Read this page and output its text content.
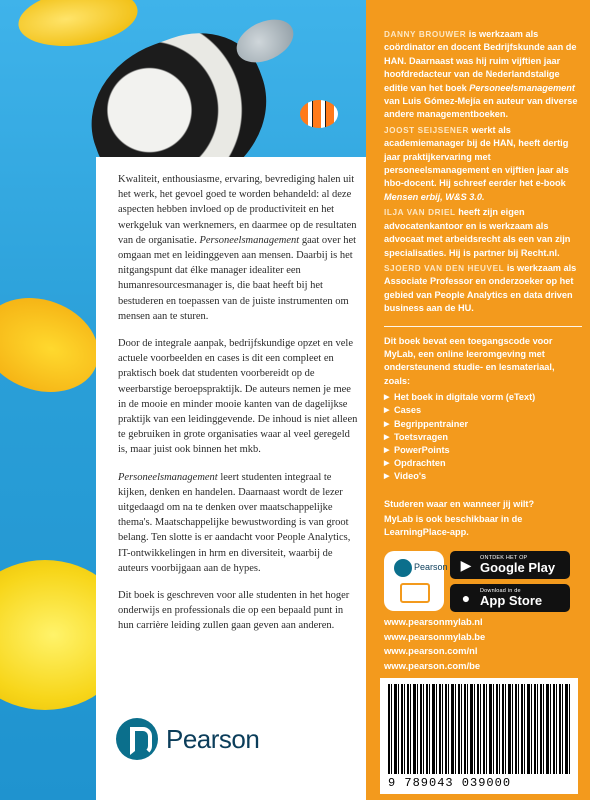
Kwaliteit, enthousiasme, ervaring, bevrediging halen uit het werk, het gevoel goed te worden behandeld: al deze aspecten hebben invloed op de productiviteit en het werkgeluk van werknemers, en daarmee op de resultaten van de organisatie. Personeelsmanagement gaat over het omgaan met en leidinggeven aan mensen. Daarbij is het nitgangspunt dat élke manager idealiter een humanresourcesmanager is, die baat heeft bij het bestuderen en toepassen van de juiste instrumenten om mensen aan te sturen.

Door de integrale aanpak, bedrijfskundige opzet en vele actuele voorbeelden en cases is dit een compleet en praktisch boek dat studenten voorbereidt op de weerbarstige beroepspraktijk. De auteurs nemen je mee in de mooie en minder mooie kanten van de dagelijkse praktijk van een leidinggevende. De inhoud is niet alleen te gebruiken in grote organisaties waar al veel geregeld is, maar juist ook binnen het mkb.

Personeelsmanagement leert studenten integraal te kijken, denken en handelen. Daarnaast wordt de lezer uitgedaagd om na te denken over maatschappelijke thema's. Maatschappelijke bewustwording is van groot belang. Ten slotte is er aandacht voor People Analytics, IT-ontwikkelingen in hrm en diversiteit, waarbij de auteurs voorbijgaan aan de hypes.

Dit boek is geschreven voor alle studenten in het hoger onderwijs en professionals die op een bepaald punt in hun carrière leiding zullen gaan geven aan anderen.

Pearson
DANNY BROUWER is werkzaam als coördinator en docent Bedrijfskunde aan de HAN. Daarnaast was hij ruim vijftien jaar hoofdredacteur van de Nederlandstalige editie van het boek Personeelsmanagement van Luis Gómez-Mejía en auteur van diverse andere managementboeken.
JOOST SEIJSENER werkt als academiemanager bij de HAN, heeft dertig jaar praktijkervaring met personeelsmanagement en vijftien jaar als hbo-docent. Hij schreef eerder het e-book Mensen erbij, W&S 3.0.
ILJA VAN DRIEL heeft zijn eigen advocatenkantoor en is werkzaam als advocaat met arbeidsrecht als een van zijn specialisaties. Hij is partner bij Recht.nl.
SJOERD VAN DEN HEUVEL is werkzaam als Associate Professor en onderzoeker op het gebied van People Analytics en data driven business aan de HU.

Dit boek bevat een toegangscode voor MyLab, een online leeromgeving met ondersteunend studie- en lesmateriaal, zoals:

▶ Het boek in digitale vorm (eText)
▶ Cases
▶ Begrippentrainer
▶ Toetsvragen
▶ PowerPoints
▶ Opdrachten
▶ Video's

Studeren waar en wanneer jij wilt?

MyLab is ook beschikbaar in de LearningPlace-app.

Pearson ▶	ONTDEK HET OP
Google Play
●	Download in de
App Store
www.pearsonmylab.nl
www.pearsonmylab.be
www.pearson.com/nl
www.pearson.com/be
9 789043 039000
